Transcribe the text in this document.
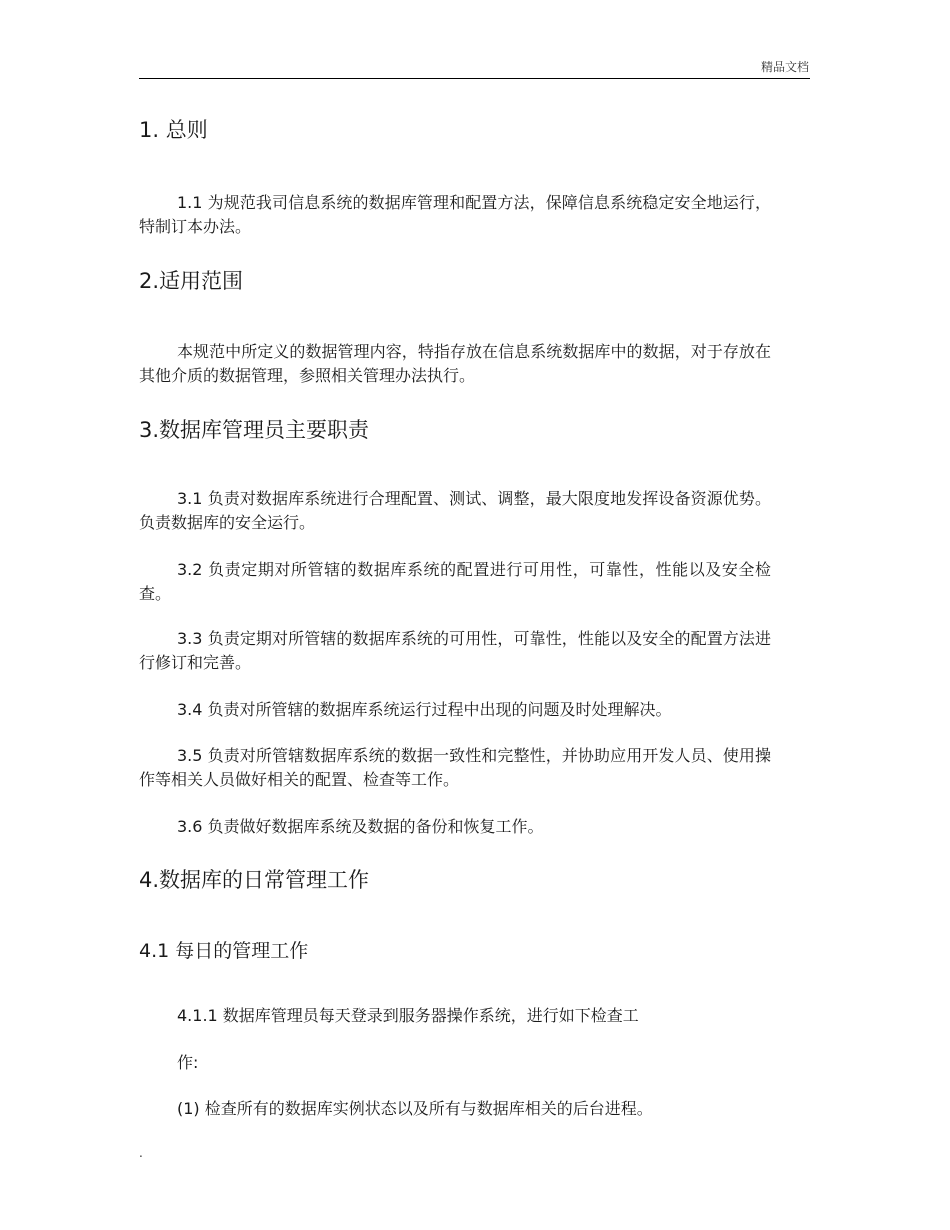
精品文档
1. 总则
1.1 为规范我司信息系统的数据库管理和配置方法，保障信息系统稳定安全地运行，特制订本办法。
2.适用范围
本规范中所定义的数据管理内容，特指存放在信息系统数据库中的数据，对于存放在其他介质的数据管理，参照相关管理办法执行。
3.数据库管理员主要职责
3.1 负责对数据库系统进行合理配置、测试、调整，最大限度地发挥设备资源优势。负责数据库的安全运行。
3.2 负责定期对所管辖的数据库系统的配置进行可用性，可靠性，性能以及安全检查。
3.3 负责定期对所管辖的数据库系统的可用性，可靠性，性能以及安全的配置方法进行修订和完善。
3.4 负责对所管辖的数据库系统运行过程中出现的问题及时处理解决。
3.5 负责对所管辖数据库系统的数据一致性和完整性，并协助应用开发人员、使用操作等相关人员做好相关的配置、检查等工作。
3.6 负责做好数据库系统及数据的备份和恢复工作。
4.数据库的日常管理工作
4.1 每日的管理工作
4.1.1 数据库管理员每天登录到服务器操作系统，进行如下检查工
作:
(1) 检查所有的数据库实例状态以及所有与数据库相关的后台进程。
.
